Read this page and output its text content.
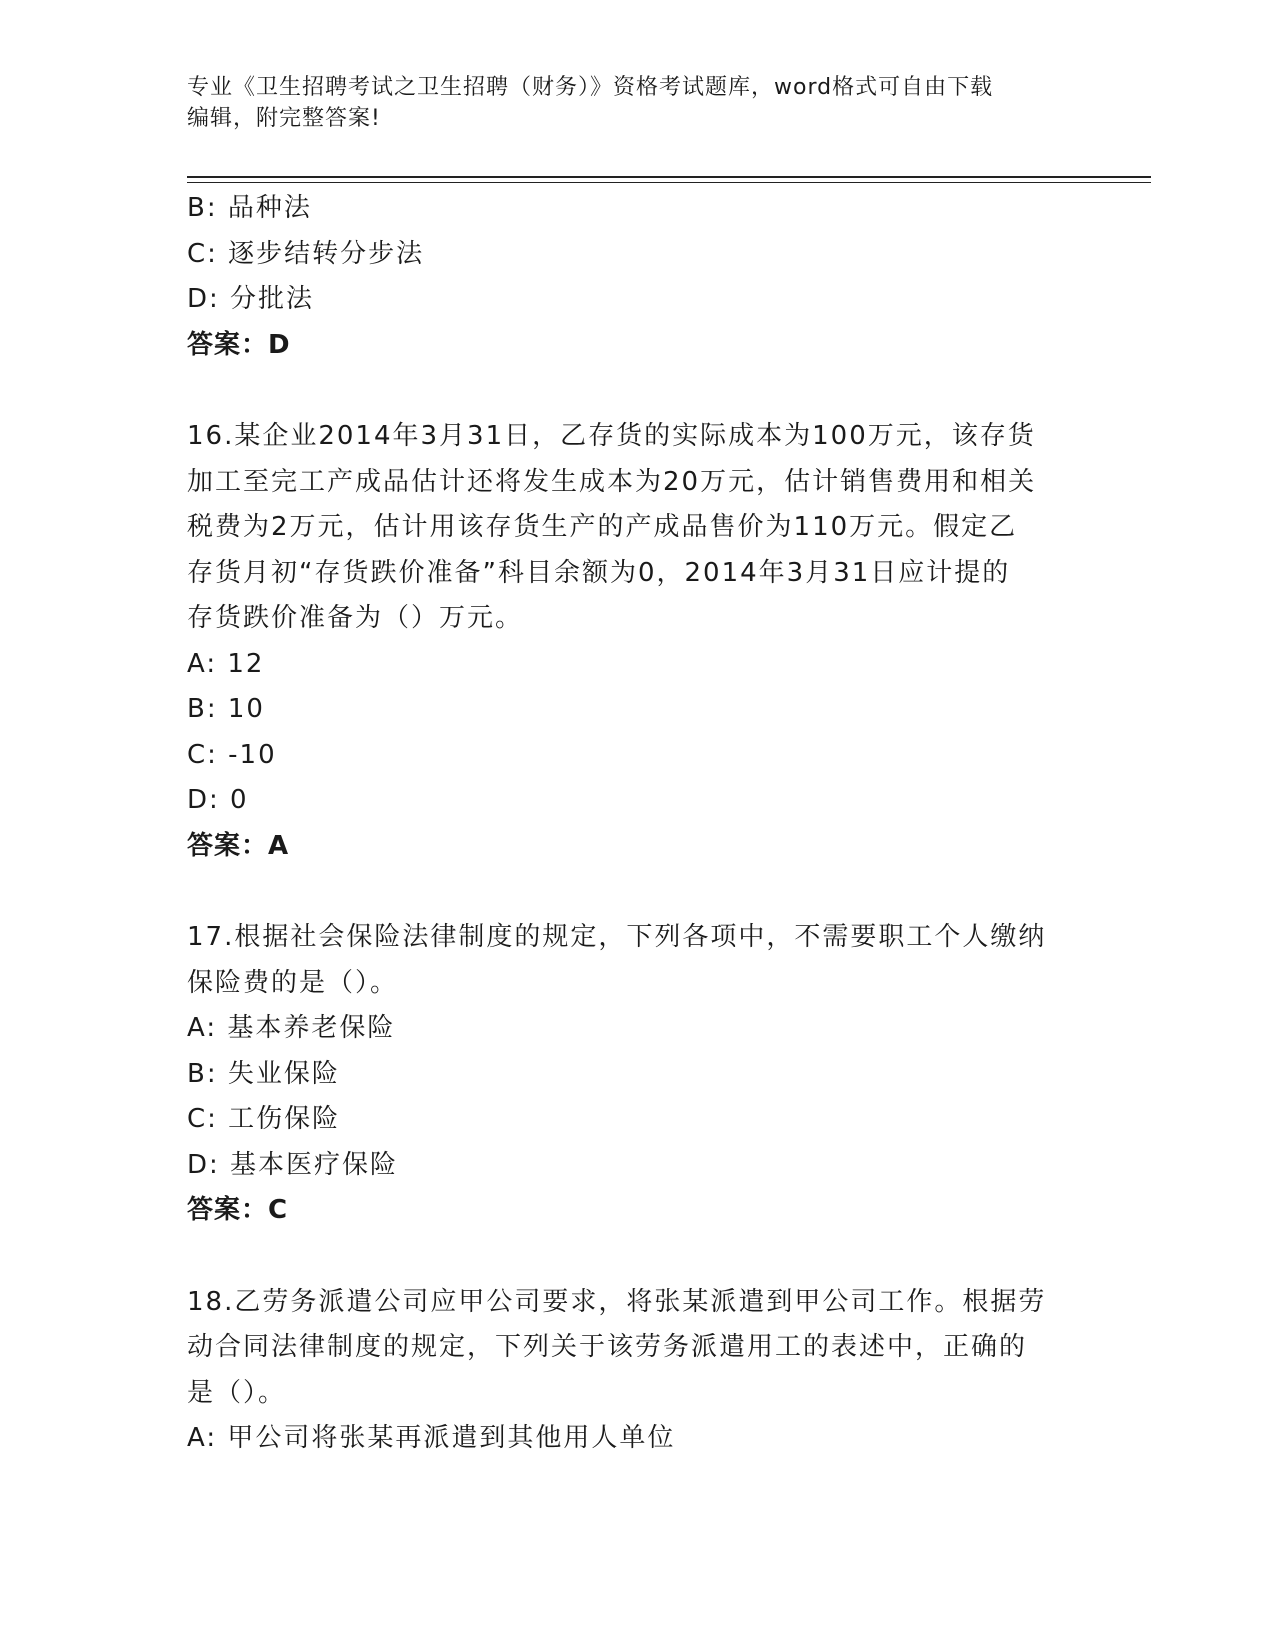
专业《卫生招聘考试之卫生招聘（财务）》资格考试题库，word格式可自由下载
编辑，附完整答案!
B: 品种法
C: 逐步结转分步法
D: 分批法
答案：D
16.某企业2014年3月31日，乙存货的实际成本为100万元，该存货
加工至完工产成品估计还将发生成本为20万元，估计销售费用和相关
税费为2万元，估计用该存货生产的产成品售价为110万元。假定乙
存货月初“存货跌价准备”科目余额为0，2014年3月31日应计提的
存货跌价准备为（）万元。
A: 12
B: 10
C: -10
D: 0
答案：A
17.根据社会保险法律制度的规定，下列各项中，不需要职工个人缴纳
保险费的是（）。
A: 基本养老保险
B: 失业保险
C: 工伤保险
D: 基本医疗保险
答案：C
18.乙劳务派遣公司应甲公司要求，将张某派遣到甲公司工作。根据劳
动合同法律制度的规定，下列关于该劳务派遣用工的表述中，正确的
是（）。
A: 甲公司将张某再派遣到其他用人单位
